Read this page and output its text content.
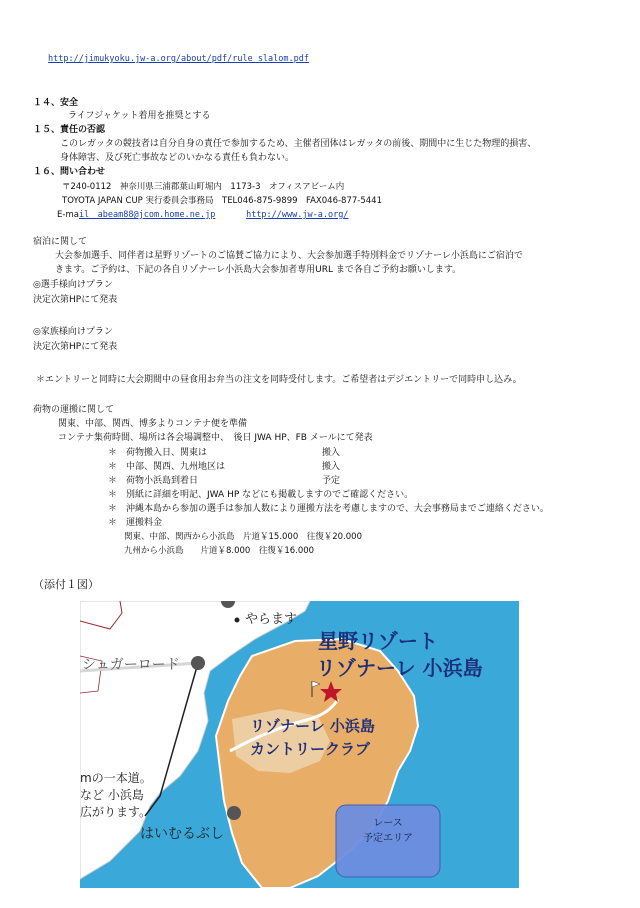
http://jimukyoku.jw-a.org/about/pdf/rule_slalom.pdf
１４、安全
ライフジャケット着用を推奨とする
１５、責任の否認
このレガッタの競技者は自分自身の責任で参加するため、主催者団体はレガッタの前後、期間中に生じた物理的損害、
身体障害、及び死亡事故などのいかなる責任も負わない。
１６、問い合わせ
〒240-0112　神奈川県三浦郡葉山町堀内　1173-3　オフィスアビーム内
TOYOTA JAPAN CUP 実行委員会事務局　TEL046-875-9899　FAX046-877-5441
E-mail　abeam88@jcom.home.ne.jp	http://www.jw-a.org/
宿泊に関して
大会参加選手、同伴者は星野リゾートのご協賛ご協力により、大会参加選手特別料金でリゾナーレ小浜島にご宿泊で
きます。ご予約は、下記の各自リゾナーレ小浜島大会参加者専用URL まで各自ご予約お願いします。
◎選手様向けプラン
決定次第HPにて発表
◎家族様向けプラン
決定次第HPにて発表
＊エントリーと同時に大会期間中の昼食用お弁当の注文を同時受付します。ご希望者はデジエントリーで同時申し込み。
荷物の運搬に関して
関東、中部、関西、博多よりコンテナ便を準備
コンテナ集荷時間、場所は各会場調整中、　後日 JWA HP、FB メールにて発表
＊　荷物搬入日、関東は	搬入
＊　中部、関西、九州地区は	搬入
＊　荷物小浜島到着日	予定
＊　別紙に詳細を明記、JWA HP などにも掲載しますのでご確認ください。
＊　沖縄本島から参加の選手は参加人数により運搬方法を考慮しますので、大会事務局までご連絡ください。
＊　運搬料金
関東、中部、関西から小浜島　片道￥15.000　往復￥20.000
九州から小浜島　　片道￥8.000　往復￥16.000
（添付１図）
やらます
シュガーロード
星野リゾート
リゾナーレ 小浜島
リゾナーレ 小浜島
カントリークラブ
mの一本道。
など 小浜島
広がります。
はいむるぶし
レース
予定エリア
